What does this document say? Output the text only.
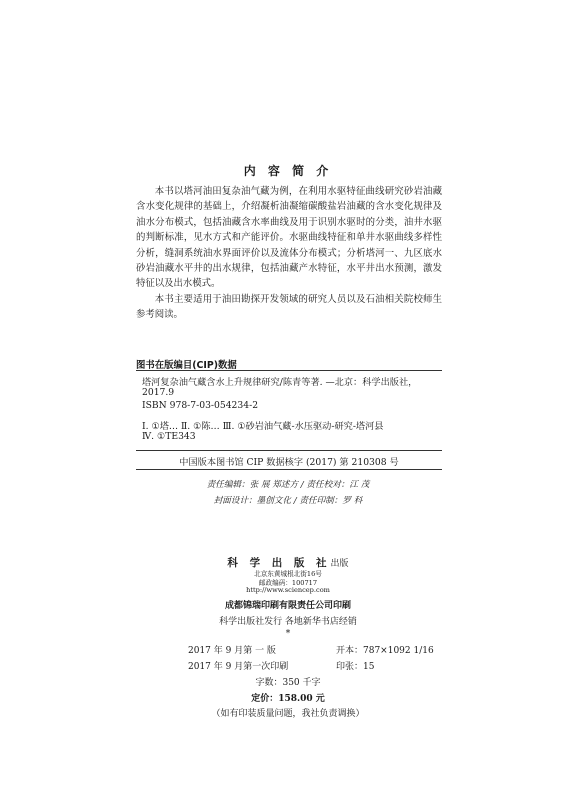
内 容 简 介

本书以塔河油田复杂油气藏为例，在利用水驱特征曲线研究砂岩油藏含水变化规律的基础上，介绍凝析油凝缩碳酸盐岩油藏的含水变化规律及油水分布模式，包括油藏含水率曲线及用于识别水驱时的分类，油井水驱的判断标准，见水方式和产能评价。水驱曲线特征和单井水驱曲线多样性分析，缝洞系统油水界面评价以及流体分布模式；分析塔河一、九区底水砂岩油藏水平井的出水规律，包括油藏产水特征，水平井出水预测，激发特征以及出水模式。

本书主要适用于油田勘探开发领域的研究人员以及石油相关院校师生参考阅读。

图书在版编目(CIP)数据
塔河复杂油气藏含水上升规律研究/陈青等著. —北京：科学出版社，
2017.9
ISBN 978-7-03-054234-2
Ⅰ. ①塔… Ⅱ. ①陈… Ⅲ. ①砂岩油气藏-水压驱动-研究-塔河县
Ⅳ. ①TE343
中国版本图书馆 CIP 数据核字 (2017) 第 210308 号
责任编辑：张 展 郑述方 / 责任校对：江 茂
封面设计：墨创文化 / 责任印制：罗 科
科 学 出 版 社出版
北京东黄城根北街16号
邮政编码：100717
http://www.sciencep.com
成都锦瑞印刷有限责任公司印刷
科学出版社发行 各地新华书店经销
*
2017 年 9 月第 一 版	开本：787×1092 1/16
2017 年 9 月第一次印刷	印张：15
字数：350 千字
定价：158.00 元
（如有印装质量问题，我社负责调换）
